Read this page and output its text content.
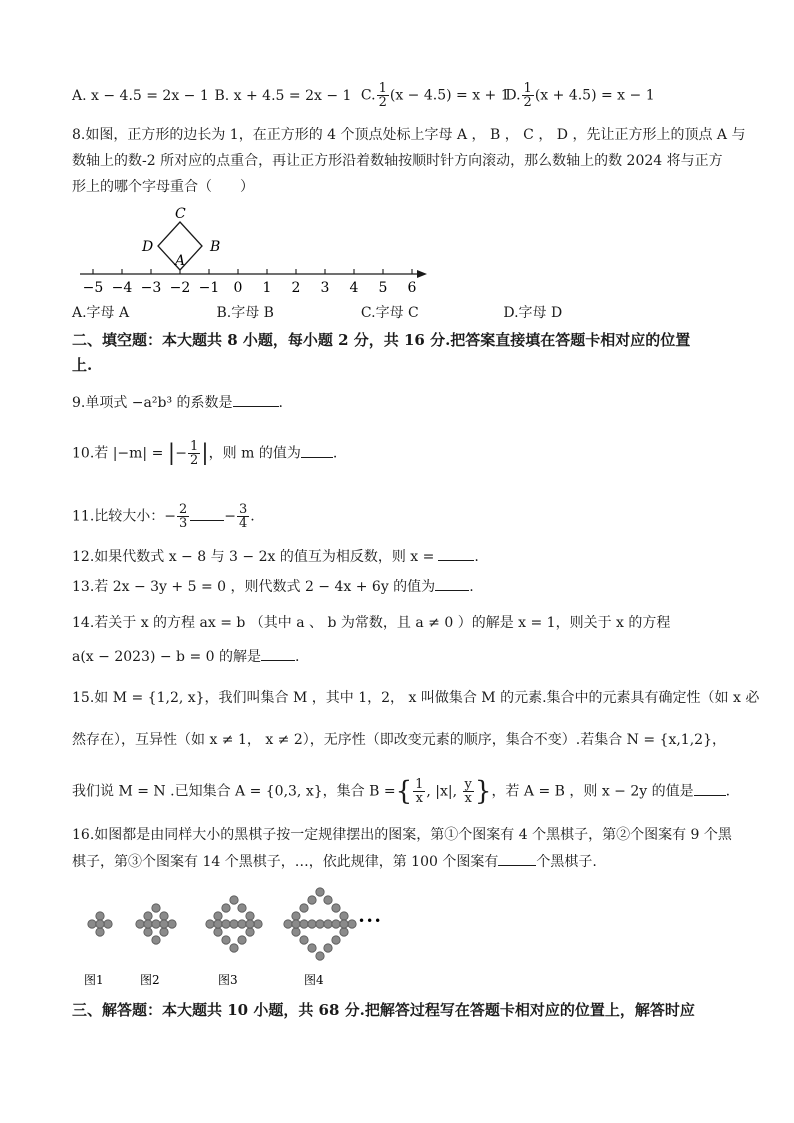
A. x − 4.5 = 2x − 1 B. x + 4.5 = 2x − 1 C. $\frac{1}{2} (x - 4.5) = x + 1$ D. $\frac{1}{2} (x + 4.5) = x - 1$
8.如图，正方形的边长为 1，在正方形的 4 个顶点处标上字母 A ， B ， C ， D ，先让正方形上的顶点 A 与
数轴上的数-2 所对应的点重合，再让正方形沿着数轴按顺时针方向滚动，那么数轴上的数 2024 将与正方
形上的哪个字母重合（　　）
C
D	B
A
−5 −4 −3 −2 −1 0 1 2 3 4 5 6
A.字母 A	B.字母 B	C.字母 C	D.字母 D
二、填空题：本大题共 8 小题，每小题 2 分，共 16 分.把答案直接填在答题卡相对应的位置
上.
9.单项式 −a²b³ 的系数是	.
10.若 |−m| = |− $\frac{1}{2}$ |，则 m 的值为 .
11.比较大小：− $\frac{2}{3}$	− $\frac{3}{4}$ .
12.如果代数式 x − 8 与 3 − 2x 的值互为相反数，则 x =	.
13.若 2x − 3y + 5 = 0 ，则代数式 2 − 4x + 6y 的值为 .
14.若关于 x 的方程 ax = b （其中 a 、 b 为常数，且 a ≠ 0 ）的解是 x = 1，则关于 x 的方程
a(x − 2023) − b = 0 的解是 .
15.如 M = {1,2, x}，我们叫集合 M ，其中 1，2， x 叫做集合 M 的元素.集合中的元素具有确定性（如 x 必
然存在），互异性（如 x ≠ 1， x ≠ 2），无序性（即改变元素的顺序，集合不变）.若集合 N = {x,1,2}，
我们说 M = N .已知集合 A = {0,3, x}，集合 B ={ $\frac{1}{x}$ , |x|, $\frac{y}{x}$ }，若 A = B ，则 x − 2y 的值是 .
16.如图都是由同样大小的黑棋子按一定规律摆出的图案，第①个图案有 4 个黑棋子，第②个图案有 9 个黑
棋子，第③个图案有 14 个黑棋子，…，依此规律，第 100 个图案有	个黑棋子.
图1	图2	图3	图4
•••
三、解答题：本大题共 10 小题，共 68 分.把解答过程写在答题卡相对应的位置上，解答时应
